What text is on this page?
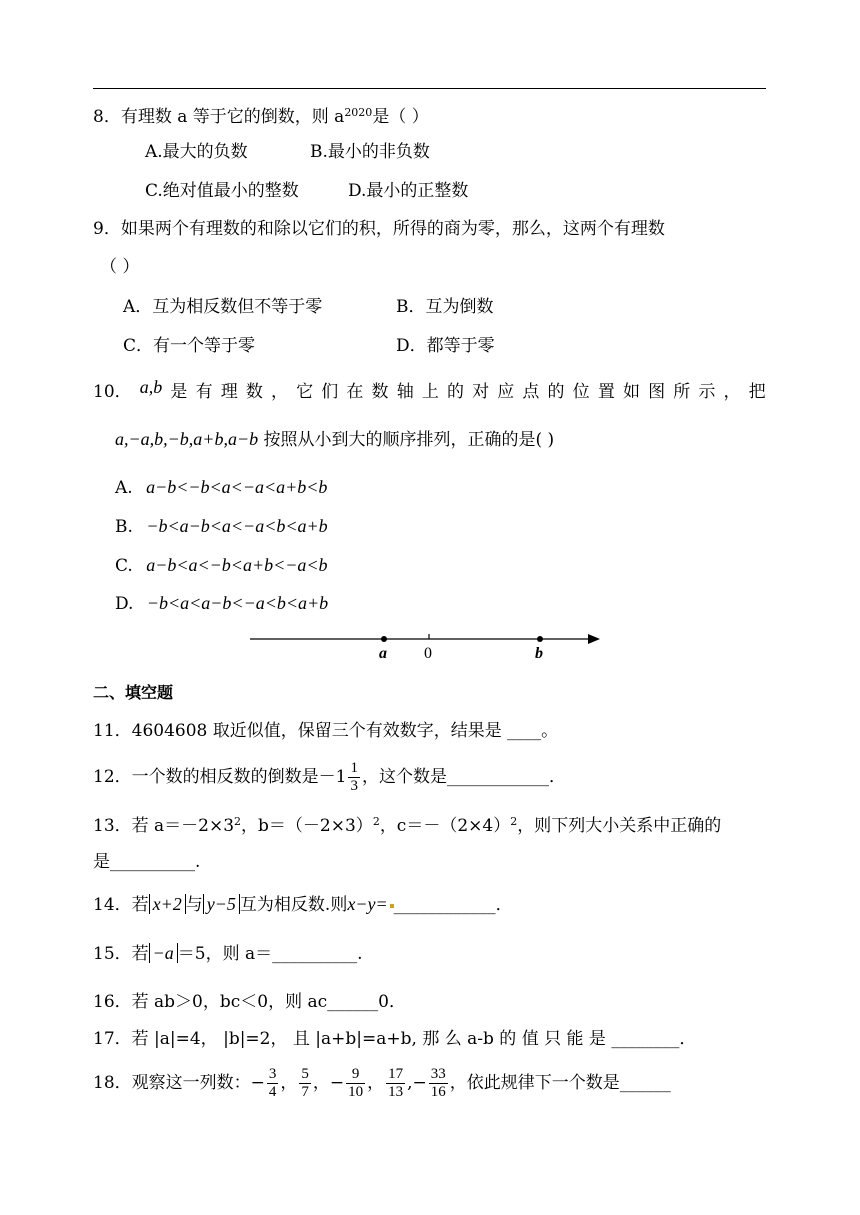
8．有理数 a 等于它的倒数，则 $a^{2020}$是（ ）
A.最大的负数	B.最小的非负数
C.绝对值最小的整数	D.最小的正整数
9．如果两个有理数的和除以它们的积，所得的商为零，那么，这两个有理数
（ ）
A．互为相反数但不等于零	B．互为倒数
C．有一个等于零	D．都等于零
10． a,b 是 有 理 数 ， 它 们 在 数 轴 上 的 对 应 点 的 位 置 如 图 所 示 ， 把
a,−a,b,−b,a+b,a−b 按照从小到大的顺序排列，正确的是( )
A. a−b<−b<a<−a<a+b<b
B. −b<a−b<a<−a<b<a+b
C. a−b<a<−b<a+b<−a<b
D. −b<a<a−b<−a<b<a+b
a 0	b
二、填空题
11．4604608 取近似值，保留三个有效数字，结果是 ____。
12．一个数的相反数的倒数是$-1 \frac{1}{3}$ ，这个数是____________．
13．若 $a=-2\times 3^2$，$b=(-2\times 3)^2$，$c=-(2\times 4)^2$，则下列大小关系中正确的
是__________.
14．若 x+2 与 y−5 互为相反数.则x−y= ____________．
15．若 −a ＝5，则 a＝__________.
16．若 ab＞0，bc＜0，则 ac______0．
17．若 |a|=4， |b|=2， 且 |a+b|=a+b, 那 么 a-b 的 值 只 能 是 ________．
18．观察这一列数：− $\frac{3}{4}$ ， $\frac{5}{7}$ ，− $\frac{9}{10}$ ， $\frac{17}{13}$ ,− $\frac{33}{16}$ ，依此规律下一个数是______
